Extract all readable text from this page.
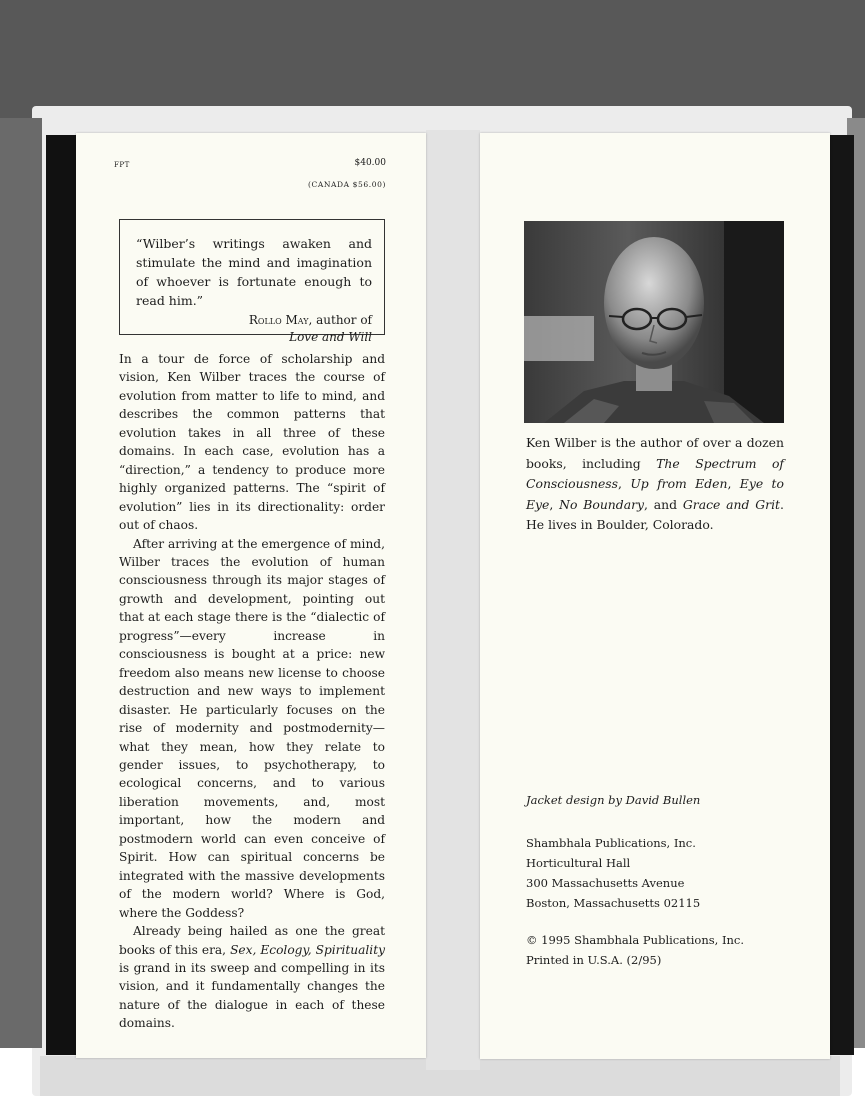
FPT	$40.00
(CANADA $56.00)

“Wilber’s writings awaken and stimulate the mind and imagination of whoever is fortunate enough to read him.”

Rollo May, author of
Love and Will

In a tour de force of scholarship and vision, Ken Wilber traces the course of evolution from matter to life to mind, and describes the common patterns that evolution takes in all three of these domains. In each case, evolution has a “direction,” a tendency to produce more highly organized patterns. The “spirit of evolution” lies in its directionality: order out of chaos.

After arriving at the emergence of mind, Wilber traces the evolution of human consciousness through its major stages of growth and development, pointing out that at each stage there is the “dialectic of progress”—every increase in consciousness is bought at a price: new freedom also means new license to choose destruction and new ways to implement disaster. He particularly focuses on the rise of modernity and postmodernity—what they mean, how they relate to gender issues, to psychotherapy, to ecological concerns, and to various liberation movements, and, most important, how the modern and postmodern world can even conceive of Spirit. How can spiritual concerns be integrated with the massive developments of the modern world? Where is God, where the Goddess?

Already being hailed as one the great books of this era, Sex, Ecology, Spirituality is grand in its sweep and compelling in its vision, and it fundamentally changes the nature of the dialogue in each of these domains.

Ken Wilber is the author of over a dozen books, including The Spectrum of Consciousness, Up from Eden, Eye to Eye, No Boundary, and Grace and Grit. He lives in Boulder, Colorado.

Jacket design by David Bullen
Shambhala Publications, Inc.
Horticultural Hall
300 Massachusetts Avenue
Boston, Massachusetts 02115
© 1995 Shambhala Publications, Inc.
Printed in U.S.A. (2/95)
